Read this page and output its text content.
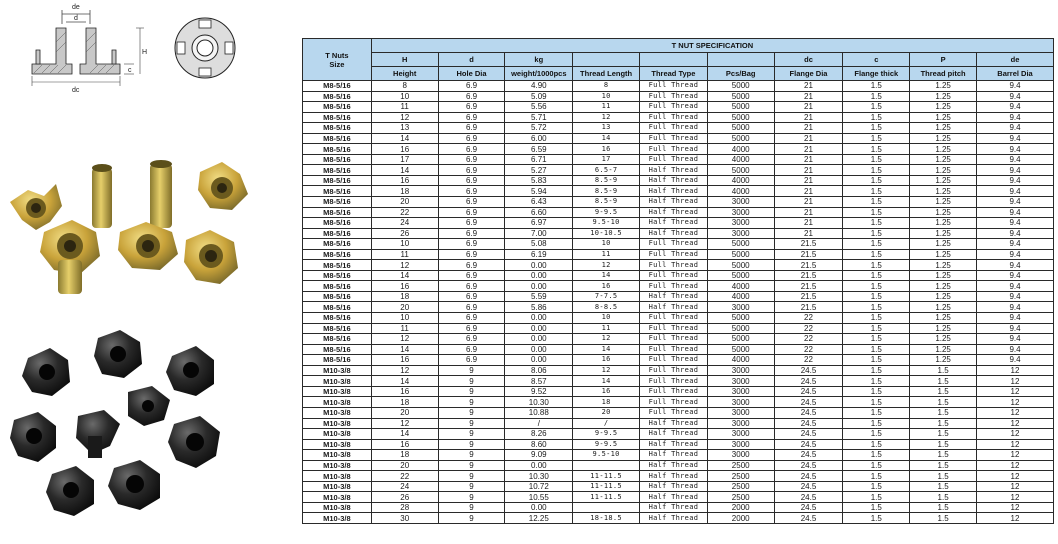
de
d
c
H
dc
T Nuts
Size	T NUT SPECIFICATION									
	H	d	kg				dc	c	P	de
	Height	Hole Dia	weight/1000pcs	Thread Length	Thread Type	Pcs/Bag	Flange Dia	Flange thick	Thread pitch	Barrel Dia
M8-5/16	8	6.9	4.90	8	Full Thread	5000	21	1.5	1.25	9.4
M8-5/16	10	6.9	5.09	10	Full Thread	5000	21	1.5	1.25	9.4
M8-5/16	11	6.9	5.56	11	Full Thread	5000	21	1.5	1.25	9.4
M8-5/16	12	6.9	5.71	12	Full Thread	5000	21	1.5	1.25	9.4
M8-5/16	13	6.9	5.72	13	Full Thread	5000	21	1.5	1.25	9.4
M8-5/16	14	6.9	6.00	14	Full Thread	5000	21	1.5	1.25	9.4
M8-5/16	16	6.9	6.59	16	Full Thread	4000	21	1.5	1.25	9.4
M8-5/16	17	6.9	6.71	17	Full Thread	4000	21	1.5	1.25	9.4
M8-5/16	14	6.9	5.27	6.5-7	Half Thread	5000	21	1.5	1.25	9.4
M8-5/16	16	6.9	5.83	8.5-9	Half Thread	4000	21	1.5	1.25	9.4
M8-5/16	18	6.9	5.94	8.5-9	Half Thread	4000	21	1.5	1.25	9.4
M8-5/16	20	6.9	6.43	8.5-9	Half Thread	3000	21	1.5	1.25	9.4
M8-5/16	22	6.9	6.60	9-9.5	Half Thread	3000	21	1.5	1.25	9.4
M8-5/16	24	6.9	6.97	9.5-10	Half Thread	3000	21	1.5	1.25	9.4
M8-5/16	26	6.9	7.00	10-10.5	Half Thread	3000	21	1.5	1.25	9.4
M8-5/16	10	6.9	5.08	10	Full Thread	5000	21.5	1.5	1.25	9.4
M8-5/16	11	6.9	6.19	11	Full Thread	5000	21.5	1.5	1.25	9.4
M8-5/16	12	6.9	0.00	12	Full Thread	5000	21.5	1.5	1.25	9.4
M8-5/16	14	6.9	0.00	14	Full Thread	5000	21.5	1.5	1.25	9.4
M8-5/16	16	6.9	0.00	16	Full Thread	4000	21.5	1.5	1.25	9.4
M8-5/16	18	6.9	5.59	7-7.5	Half Thread	4000	21.5	1.5	1.25	9.4
M8-5/16	20	6.9	5.86	8-8.5	Half Thread	3000	21.5	1.5	1.25	9.4
M8-5/16	10	6.9	0.00	10	Full Thread	5000	22	1.5	1.25	9.4
M8-5/16	11	6.9	0.00	11	Full Thread	5000	22	1.5	1.25	9.4
M8-5/16	12	6.9	0.00	12	Full Thread	5000	22	1.5	1.25	9.4
M8-5/16	14	6.9	0.00	14	Full Thread	5000	22	1.5	1.25	9.4
M8-5/16	16	6.9	0.00	16	Full Thread	4000	22	1.5	1.25	9.4
M10-3/8	12	9	8.06	12	Full Thread	3000	24.5	1.5	1.5	12
M10-3/8	14	9	8.57	14	Full Thread	3000	24.5	1.5	1.5	12
M10-3/8	16	9	9.52	16	Full Thread	3000	24.5	1.5	1.5	12
M10-3/8	18	9	10.30	18	Full Thread	3000	24.5	1.5	1.5	12
M10-3/8	20	9	10.88	20	Full Thread	3000	24.5	1.5	1.5	12
M10-3/8	12	9	/	/	Half Thread	3000	24.5	1.5	1.5	12
M10-3/8	14	9	8.26	9-9.5	Half Thread	3000	24.5	1.5	1.5	12
M10-3/8	16	9	8.60	9-9.5	Half Thread	3000	24.5	1.5	1.5	12
M10-3/8	18	9	9.09	9.5-10	Half Thread	3000	24.5	1.5	1.5	12
M10-3/8	20	9	0.00		Half Thread	2500	24.5	1.5	1.5	12
M10-3/8	22	9	10.30	11-11.5	Half Thread	2500	24.5	1.5	1.5	12
M10-3/8	24	9	10.72	11-11.5	Half Thread	2500	24.5	1.5	1.5	12
M10-3/8	26	9	10.55	11-11.5	Half Thread	2500	24.5	1.5	1.5	12
M10-3/8	28	9	0.00		Half Thread	2000	24.5	1.5	1.5	12
M10-3/8	30	9	12.25	18-18.5	Half Thread	2000	24.5	1.5	1.5	12
